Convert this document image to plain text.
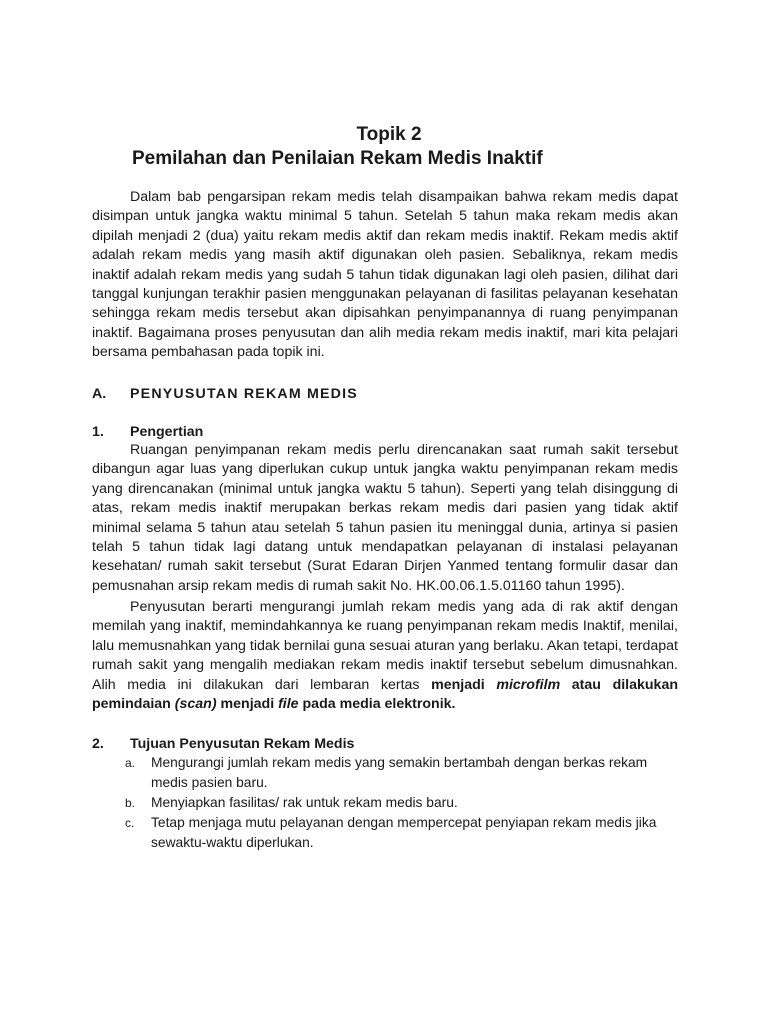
Topik 2
Pemilahan dan Penilaian Rekam Medis Inaktif

Dalam bab pengarsipan rekam medis telah disampaikan bahwa rekam medis dapat disimpan untuk jangka waktu minimal 5 tahun. Setelah 5 tahun maka rekam medis akan dipilah menjadi 2 (dua) yaitu rekam medis aktif dan rekam medis inaktif. Rekam medis aktif adalah rekam medis yang masih aktif digunakan oleh pasien. Sebaliknya, rekam medis inaktif adalah rekam medis yang sudah 5 tahun tidak digunakan lagi oleh pasien, dilihat dari tanggal kunjungan terakhir pasien menggunakan pelayanan di fasilitas pelayanan kesehatan sehingga rekam medis tersebut akan dipisahkan penyimpanannya di ruang penyimpanan inaktif. Bagaimana proses penyusutan dan alih media rekam medis inaktif, mari kita pelajari bersama pembahasan pada topik ini.

A. PENYUSUTAN REKAM MEDIS
1. Pengertian

Ruangan penyimpanan rekam medis perlu direncanakan saat rumah sakit tersebut dibangun agar luas yang diperlukan cukup untuk jangka waktu penyimpanan rekam medis yang direncanakan (minimal untuk jangka waktu 5 tahun). Seperti yang telah disinggung di atas, rekam medis inaktif merupakan berkas rekam medis dari pasien yang tidak aktif minimal selama 5 tahun atau setelah 5 tahun pasien itu meninggal dunia, artinya si pasien telah 5 tahun tidak lagi datang untuk mendapatkan pelayanan di instalasi pelayanan kesehatan/ rumah sakit tersebut (Surat Edaran Dirjen Yanmed tentang formulir dasar dan pemusnahan arsip rekam medis di rumah sakit No. HK.00.06.1.5.01160 tahun 1995).

Penyusutan berarti mengurangi jumlah rekam medis yang ada di rak aktif dengan memilah yang inaktif, memindahkannya ke ruang penyimpanan rekam medis Inaktif, menilai, lalu memusnahkan yang tidak bernilai guna sesuai aturan yang berlaku. Akan tetapi, terdapat rumah sakit yang mengalih mediakan rekam medis inaktif tersebut sebelum dimusnahkan. Alih media ini dilakukan dari lembaran kertas menjadi microfilm atau dilakukan pemindaian (scan) menjadi file pada media elektronik.

2. Tujuan Penyusutan Rekam Medis
a. Mengurangi jumlah rekam medis yang semakin bertambah dengan berkas rekam medis pasien baru.
b. Menyiapkan fasilitas/ rak untuk rekam medis baru.
c. Tetap menjaga mutu pelayanan dengan mempercepat penyiapan rekam medis jika sewaktu-waktu diperlukan.
